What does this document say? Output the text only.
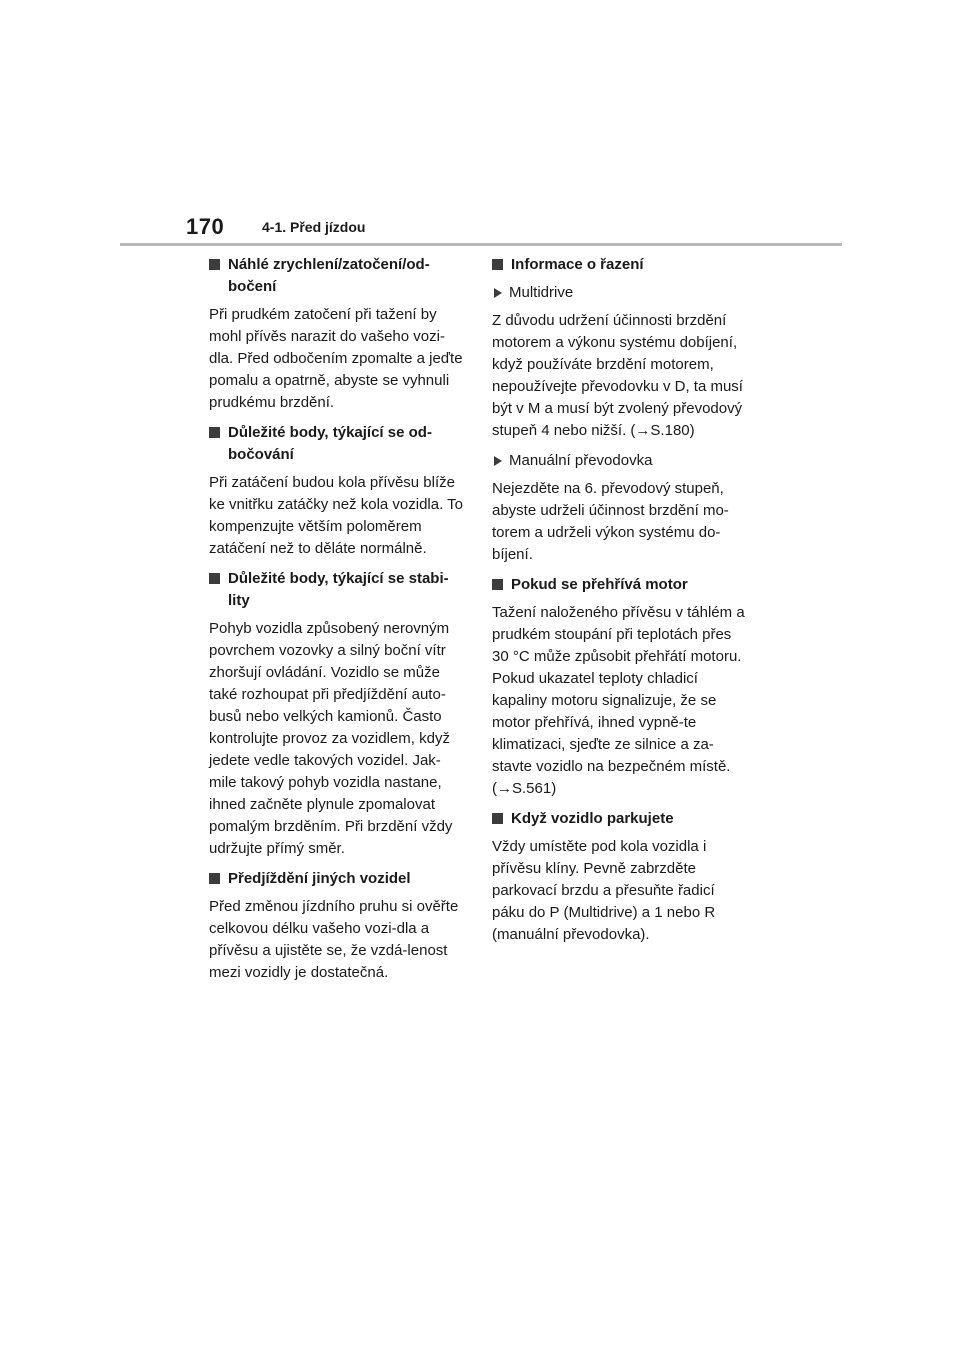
170	4-1. Před jízdou
Náhlé zrychlení/zatočení/od-bočení

Při prudkém zatočení při tažení by mohl přívěs narazit do vašeho vozi-dla. Před odbočením zpomalte a jeďte pomalu a opatrně, abyste se vyhnuli prudkému brzdění.

Důležité body, týkající se od-bočování

Při zatáčení budou kola přívěsu blíže ke vnitřku zatáčky než kola vozidla. To kompenzujte větším poloměrem zatáčení než to děláte normálně.

Důležité body, týkající se stabi-lity

Pohyb vozidla způsobený nerovným povrchem vozovky a silný boční vítr zhoršují ovládání. Vozidlo se může také rozhoupat při předjíždění auto-busů nebo velkých kamionů. Často kontrolujte provoz za vozidlem, když jedete vedle takových vozidel. Jak-mile takový pohyb vozidla nastane, ihned začněte plynule zpomalovat pomalým brzděním. Při brzdění vždy udržujte přímý směr.

Předjíždění jiných vozidel

Před změnou jízdního pruhu si ověřte celkovou délku vašeho vozi-dla a přívěsu a ujistěte se, že vzdá-lenost mezi vozidly je dostatečná.

Informace o řazení
Multidrive

Z důvodu udržení účinnosti brzdění motorem a výkonu systému dobíjení, když používáte brzdění motorem, nepoužívejte převodovku v D, ta musí být v M a musí být zvolený převodový stupeň 4 nebo nižší. (→S.180)

Manuální převodovka

Nejezděte na 6. převodový stupeň, abyste udrželi účinnost brzdění mo-torem a udrželi výkon systému do-bíjení.

Pokud se přehřívá motor

Tažení naloženého přívěsu v táhlém a prudkém stoupání při teplotách přes 30 °C může způsobit přehřátí motoru. Pokud ukazatel teploty chladicí kapaliny motoru signalizuje, že se motor přehřívá, ihned vypně-te klimatizaci, sjeďte ze silnice a za-stavte vozidlo na bezpečném místě. (→S.561)

Když vozidlo parkujete

Vždy umístěte pod kola vozidla i přívěsu klíny. Pevně zabrzděte parkovací brzdu a přesuňte řadicí páku do P (Multidrive) a 1 nebo R (manuální převodovka).
